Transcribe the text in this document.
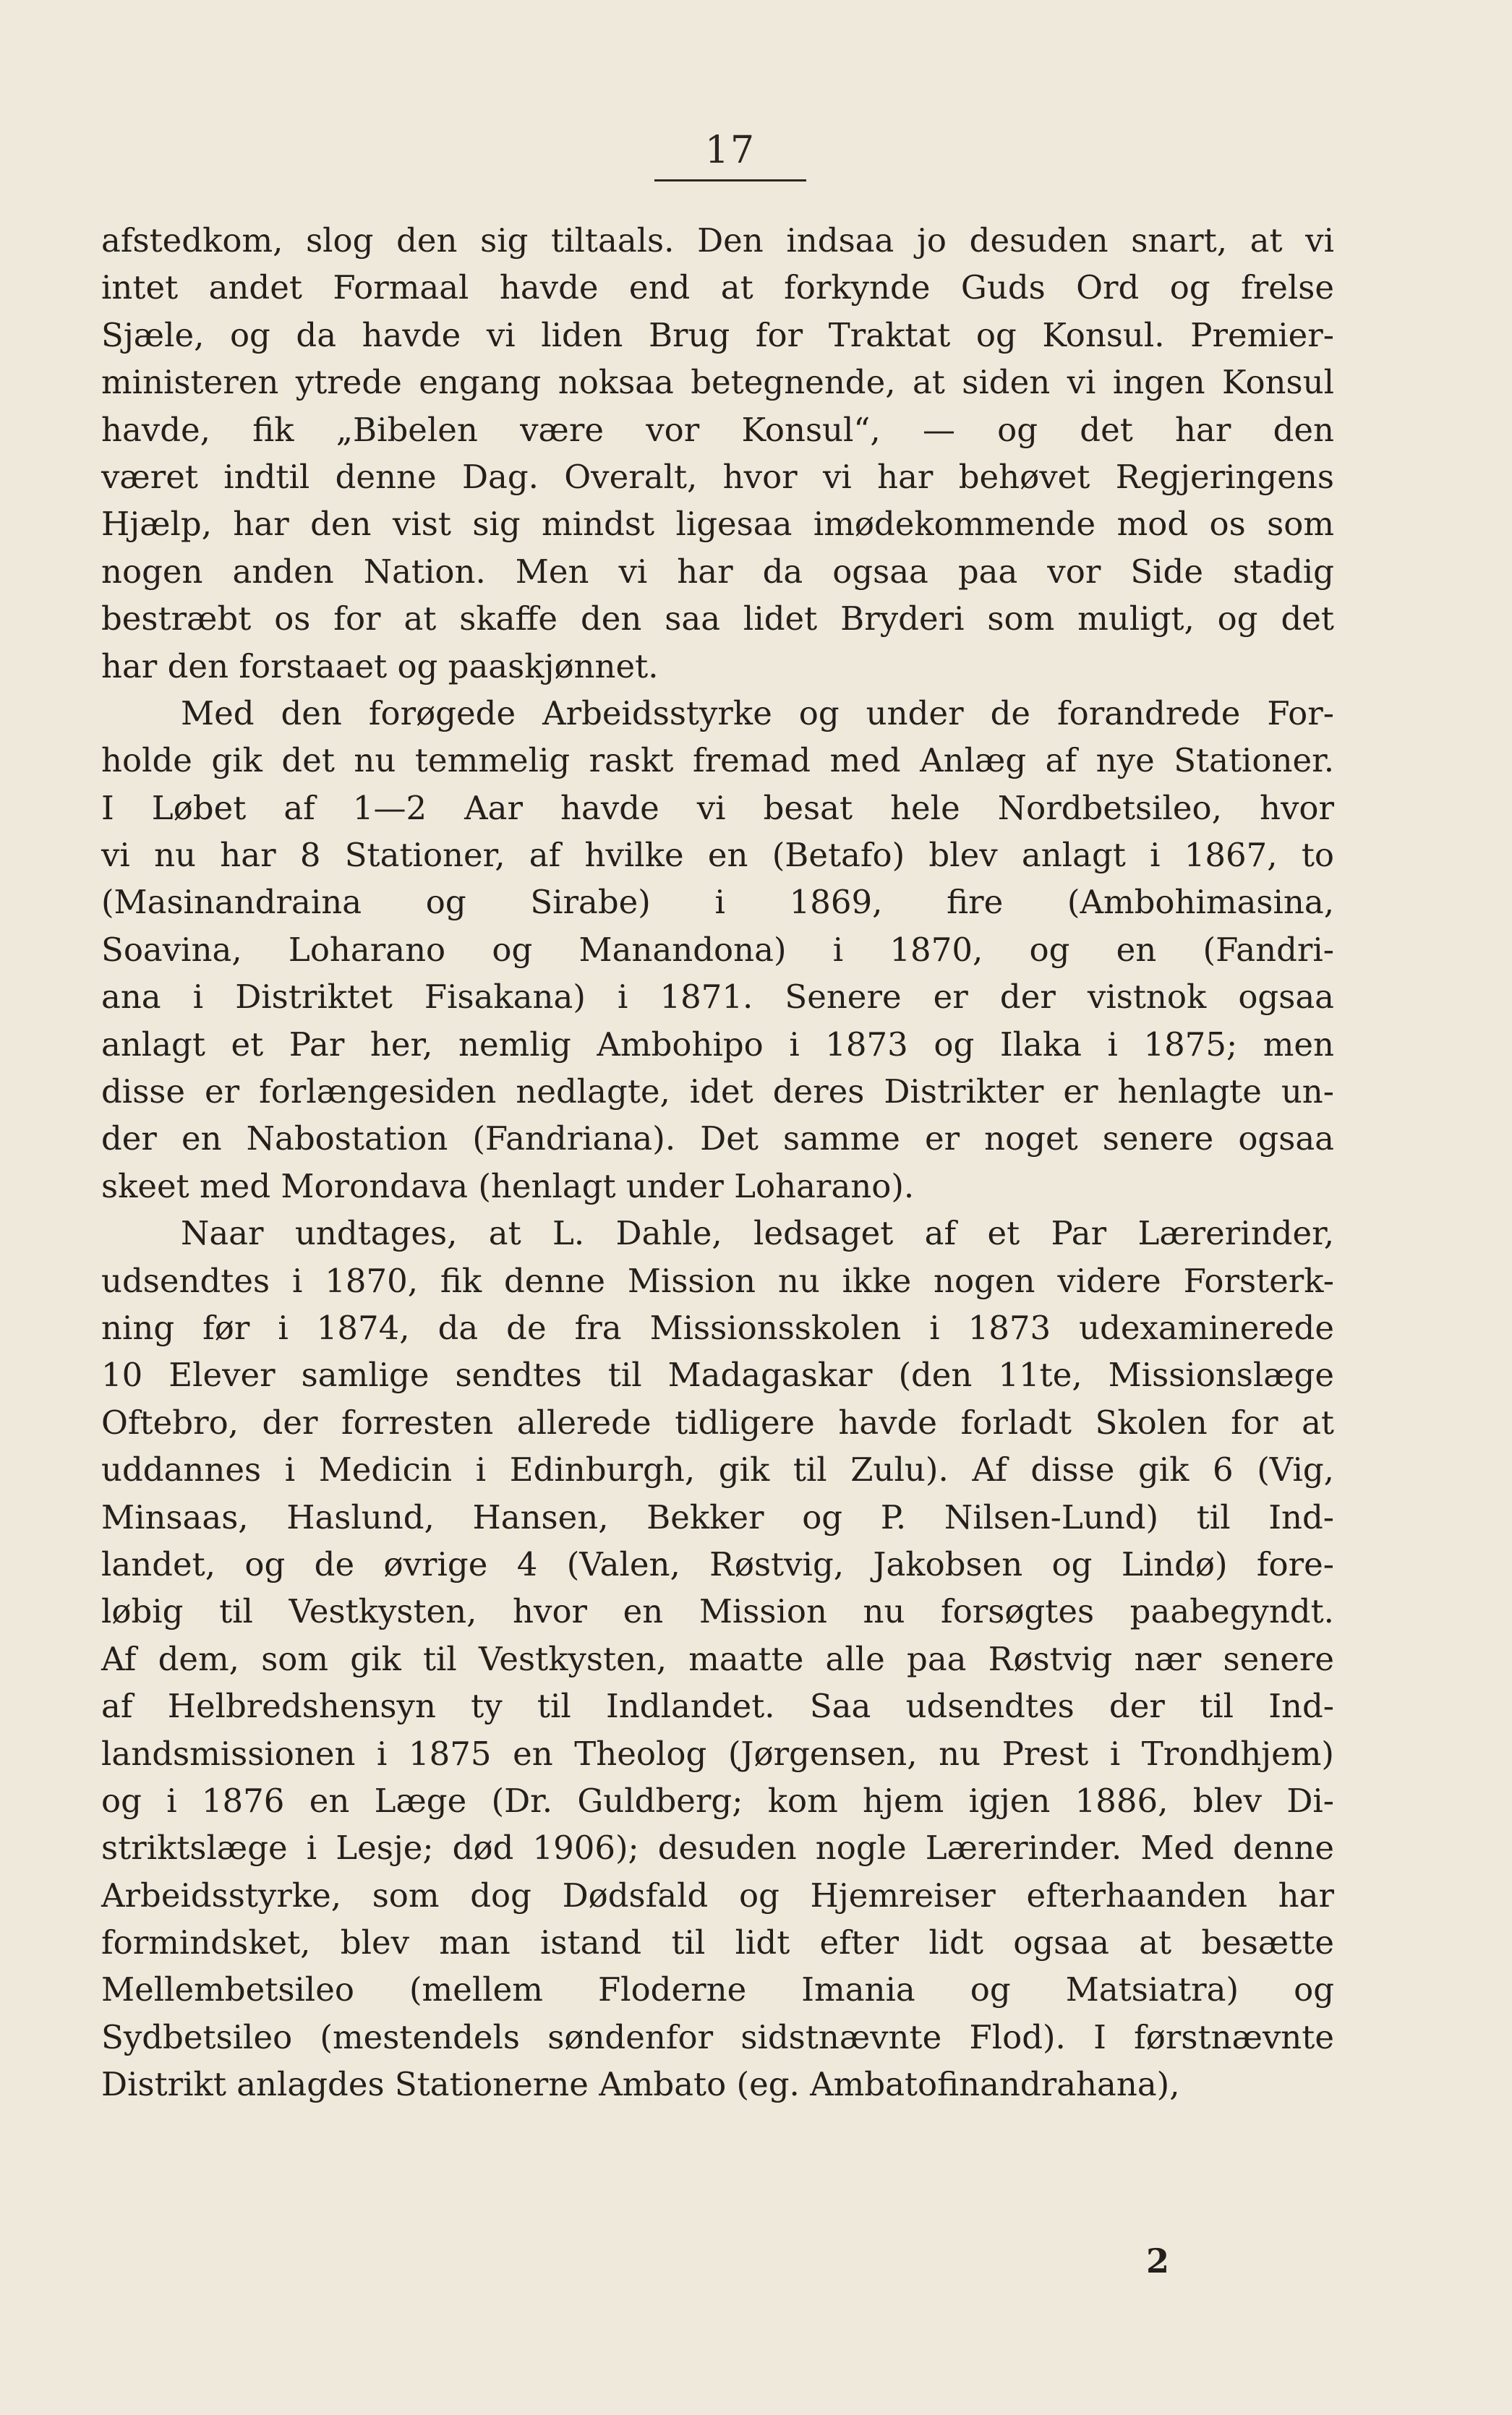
17
afstedkom, slog den sig tiltaals. Den indsaa jo desuden snart, at vi
intet andet Formaal havde end at forkynde Guds Ord og frelse
Sjæle, og da havde vi liden Brug for Traktat og Konsul. Premier-
ministeren ytrede engang noksaa betegnende, at siden vi ingen Konsul
havde, fik „Bibelen være vor Konsul“, — og det har den
været indtil denne Dag. Overalt, hvor vi har behøvet Regjeringens
Hjælp, har den vist sig mindst ligesaa imødekommende mod os som
nogen anden Nation. Men vi har da ogsaa paa vor Side stadig
bestræbt os for at skaffe den saa lidet Bryderi som muligt, og det
har den forstaaet og paaskjønnet.
Med den forøgede Arbeidsstyrke og under de forandrede For-
holde gik det nu temmelig raskt fremad med Anlæg af nye Stationer.
I Løbet af 1—2 Aar havde vi besat hele Nordbetsileo, hvor
vi nu har 8 Stationer, af hvilke en (Betafo) blev anlagt i 1867, to
(Masinandraina og Sirabe) i 1869, fire (Ambohimasina,
Soavina, Loharano og Manandona) i 1870, og en (Fandri-
ana i Distriktet Fisakana) i 1871. Senere er der vistnok ogsaa
anlagt et Par her, nemlig Ambohipo i 1873 og Ilaka i 1875; men
disse er forlængesiden nedlagte, idet deres Distrikter er henlagte un-
der en Nabostation (Fandriana). Det samme er noget senere ogsaa
skeet med Morondava (henlagt under Loharano).
Naar undtages, at L. Dahle, ledsaget af et Par Lærerinder,
udsendtes i 1870, fik denne Mission nu ikke nogen videre Forsterk-
ning før i 1874, da de fra Missionsskolen i 1873 udexaminerede
10 Elever samlige sendtes til Madagaskar (den 11te, Missionslæge
Oftebro, der forresten allerede tidligere havde forladt Skolen for at
uddannes i Medicin i Edinburgh, gik til Zulu). Af disse gik 6 (Vig,
Minsaas, Haslund, Hansen, Bekker og P. Nilsen-Lund) til Ind-
landet, og de øvrige 4 (Valen, Røstvig, Jakobsen og Lindø) fore-
løbig til Vestkysten, hvor en Mission nu forsøgtes paabegyndt.
Af dem, som gik til Vestkysten, maatte alle paa Røstvig nær senere
af Helbredshensyn ty til Indlandet. Saa udsendtes der til Ind-
landsmissionen i 1875 en Theolog (Jørgensen, nu Prest i Trondhjem)
og i 1876 en Læge (Dr. Guldberg; kom hjem igjen 1886, blev Di-
striktslæge i Lesje; død 1906); desuden nogle Lærerinder. Med denne
Arbeidsstyrke, som dog Dødsfald og Hjemreiser efterhaanden har
formindsket, blev man istand til lidt efter lidt ogsaa at besætte
Mellembetsileo (mellem Floderne Imania og Matsiatra) og
Sydbetsileo (mestendels søndenfor sidstnævnte Flod). I førstnævnte
Distrikt anlagdes Stationerne Ambato (eg. Ambatofinandrahana),
2
